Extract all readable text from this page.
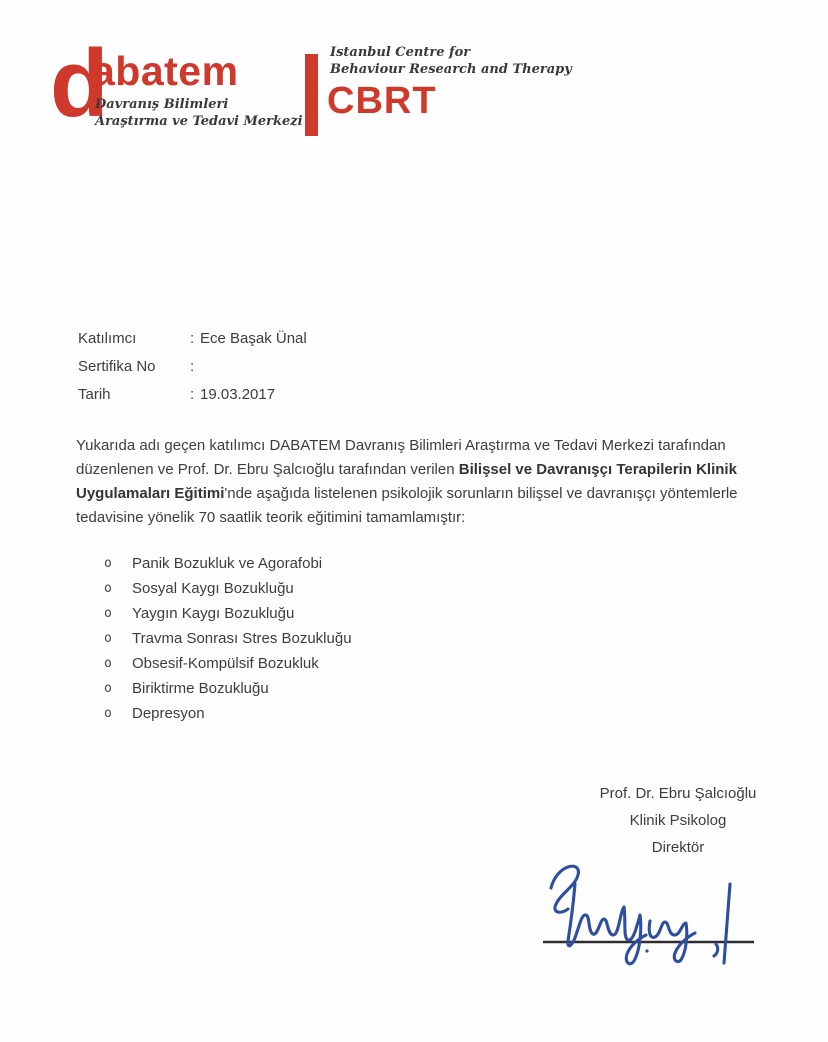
d
abatem
Davranış Bilimleri
Araştırma ve Tedavi Merkezi
Istanbul Centre for
Behaviour Research and Therapy
CBRT
Katılımcı	: Ece Başak Ünal
Sertifika No	:
Tarih	: 19.03.2017

Yukarıda adı geçen katılımcı DABATEM Davranış Bilimleri Araştırma ve Tedavi Merkezi tarafından düzenlenen ve Prof. Dr. Ebru Şalcıoğlu tarafından verilen Bilişsel ve Davranışçı Terapilerin Klinik Uygulamaları Eğitimi'nde aşağıda listelenen psikolojik sorunların bilişsel ve davranışçı yöntemlerle tedavisine yönelik 70 saatlik teorik eğitimini tamamlamıştır:

o	Panik Bozukluk ve Agorafobi
o	Sosyal Kaygı Bozukluğu
o	Yaygın Kaygı Bozukluğu
o	Travma Sonrası Stres Bozukluğu
o	Obsesif-Kompülsif Bozukluk
o	Biriktirme Bozukluğu
o	Depresyon
Prof. Dr. Ebru Şalcıoğlu
Klinik Psikolog
Direktör
